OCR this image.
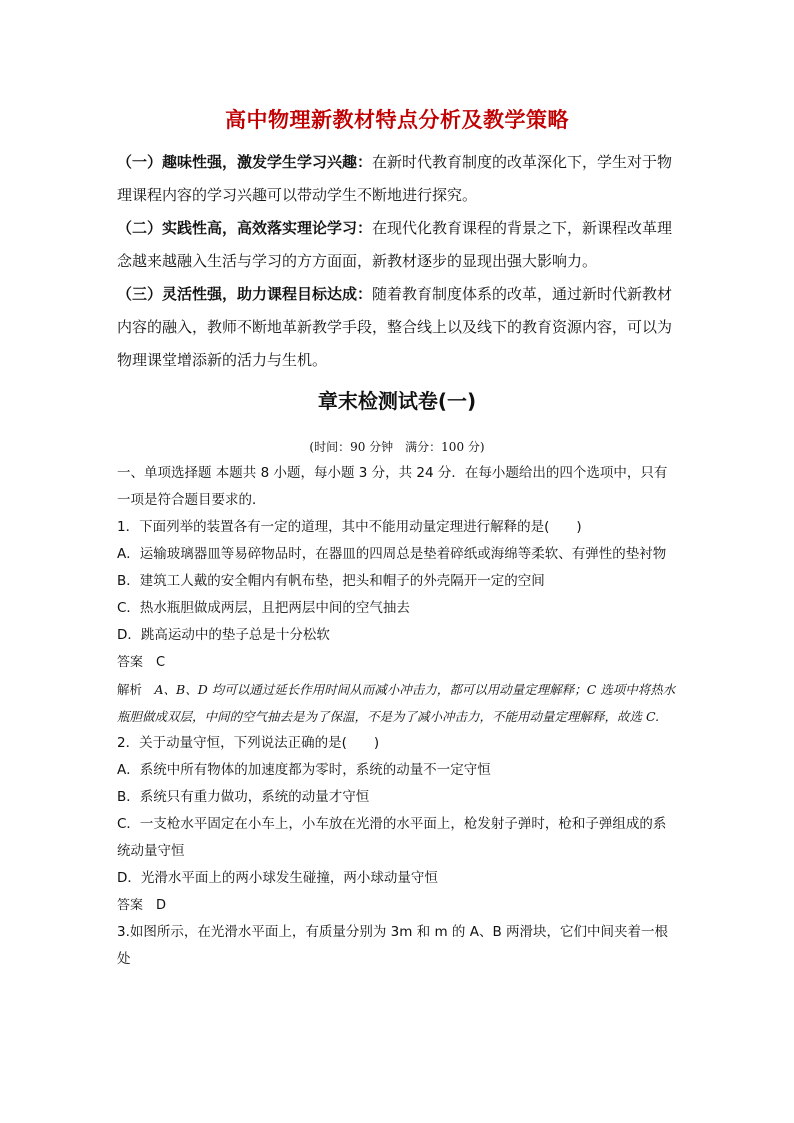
高中物理新教材特点分析及教学策略

（一）趣味性强，激发学生学习兴趣：在新时代教育制度的改革深化下，学生对于物理课程内容的学习兴趣可以带动学生不断地进行探究。

（二）实践性高，高效落实理论学习：在现代化教育课程的背景之下，新课程改革理念越来越融入生活与学习的方方面面，新教材逐步的显现出强大影响力。

（三）灵活性强，助力课程目标达成：随着教育制度体系的改革，通过新时代新教材内容的融入，教师不断地革新教学手段，整合线上以及线下的教育资源内容，可以为物理课堂增添新的活力与生机。

章末检测试卷(一)
(时间：90 分钟　满分：100 分)

一、单项选择题 本题共 8 小题，每小题 3 分，共 24 分．在每小题给出的四个选项中，只有一项是符合题目要求的．

1．下面列举的装置各有一定的道理，其中不能用动量定理进行解释的是(　　)

A．运输玻璃器皿等易碎物品时，在器皿的四周总是垫着碎纸或海绵等柔软、有弹性的垫衬物

B．建筑工人戴的安全帽内有帆布垫，把头和帽子的外壳隔开一定的空间

C．热水瓶胆做成两层，且把两层中间的空气抽去

D．跳高运动中的垫子总是十分松软

答案　C

解析　A、B、D 均可以通过延长作用时间从而减小冲击力，都可以用动量定理解释；C 选项中将热水瓶胆做成双层，中间的空气抽去是为了保温，不是为了减小冲击力，不能用动量定理解释，故选 C.

2．关于动量守恒，下列说法正确的是(　　)

A．系统中所有物体的加速度都为零时，系统的动量不一定守恒

B．系统只有重力做功，系统的动量才守恒

C．一支枪水平固定在小车上，小车放在光滑的水平面上，枪发射子弹时，枪和子弹组成的系统动量守恒

D．光滑水平面上的两小球发生碰撞，两小球动量守恒

答案　D

3.如图所示，在光滑水平面上，有质量分别为 3m 和 m 的 A、B 两滑块，它们中间夹着一根处
